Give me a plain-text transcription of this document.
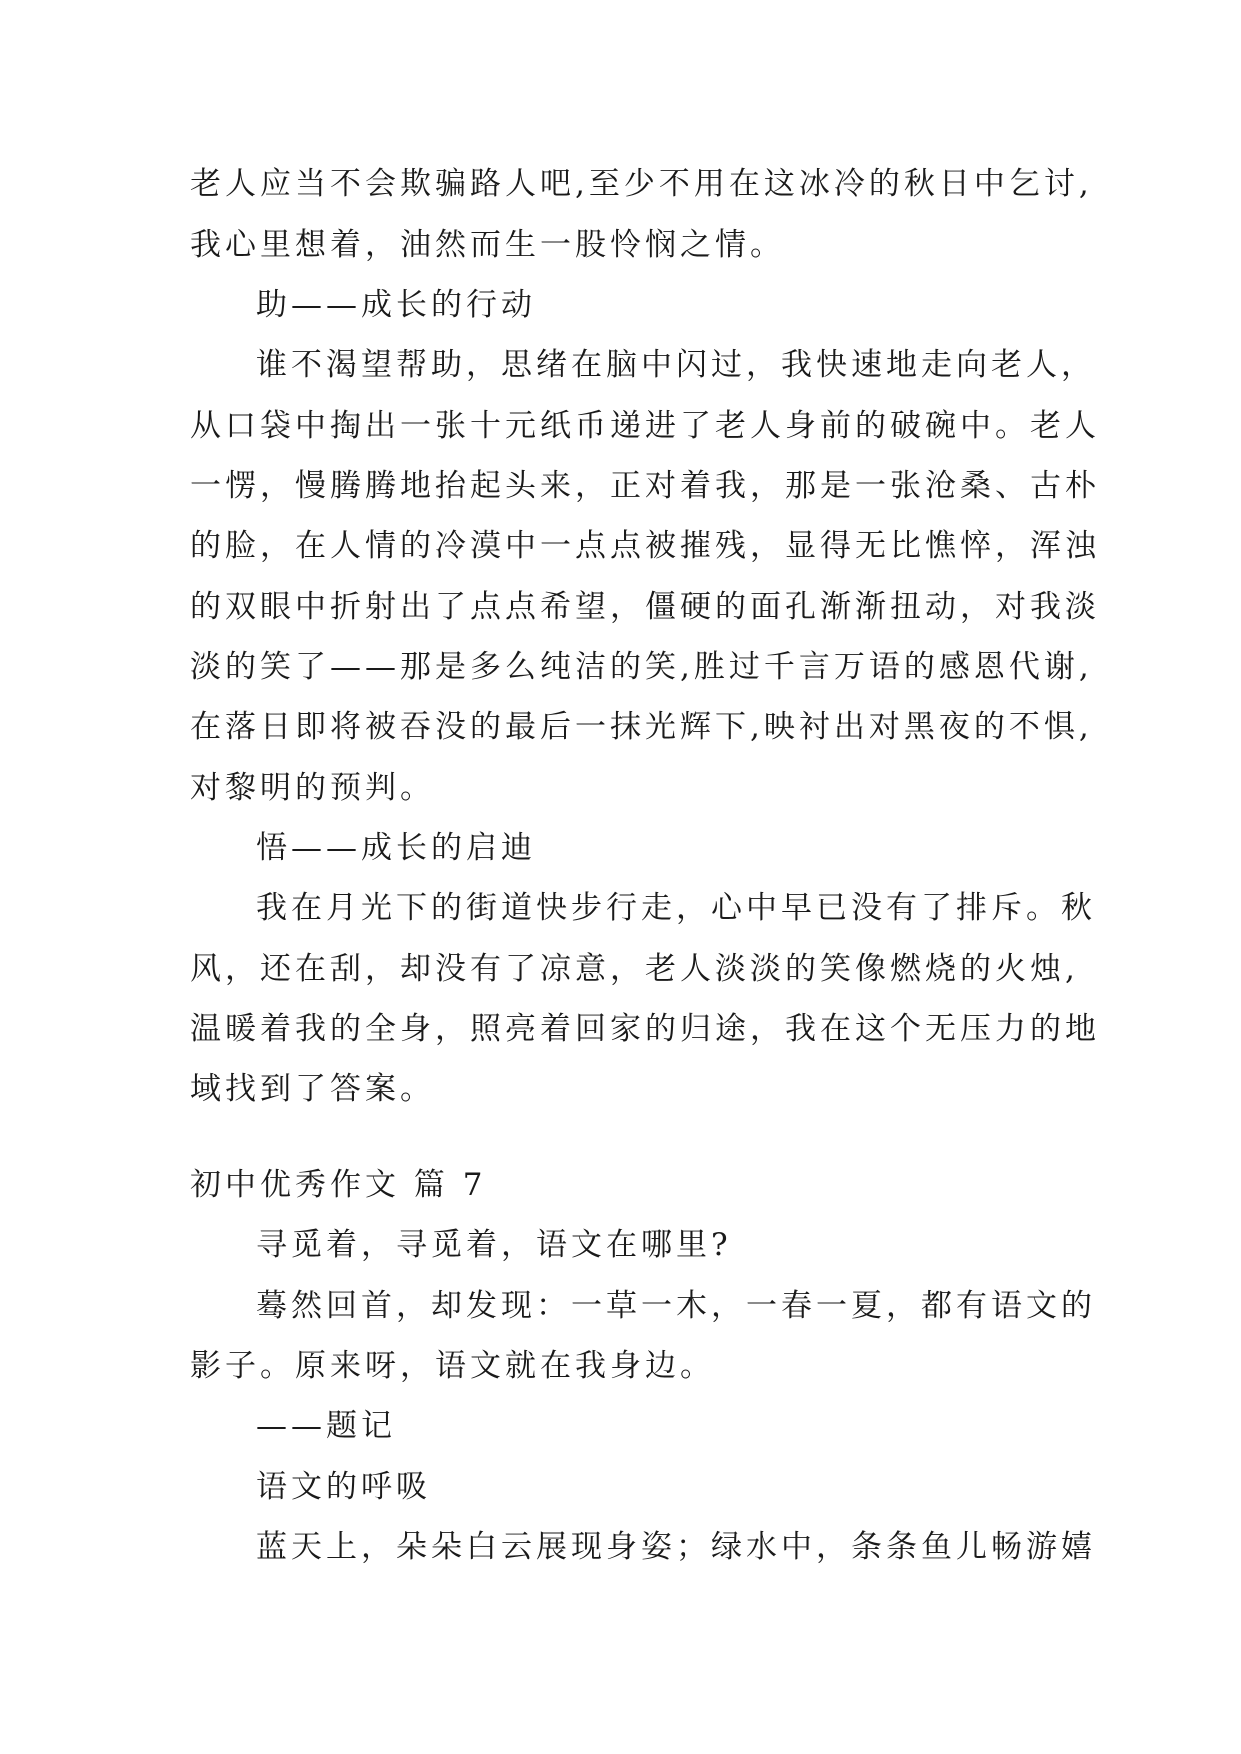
老人应当不会欺骗路人吧,至少不用在这冰冷的秋日中乞讨,
我心里想着，油然而生一股怜悯之情。
助——成长的行动
谁不渴望帮助，思绪在脑中闪过，我快速地走向老人，
从口袋中掏出一张十元纸币递进了老人身前的破碗中。老人
一愣，慢腾腾地抬起头来，正对着我，那是一张沧桑、古朴
的脸，在人情的冷漠中一点点被摧残，显得无比憔悴，浑浊
的双眼中折射出了点点希望，僵硬的面孔渐渐扭动，对我淡
淡的笑了——那是多么纯洁的笑,胜过千言万语的感恩代谢,
在落日即将被吞没的最后一抹光辉下,映衬出对黑夜的不惧,
对黎明的预判。
悟——成长的启迪
我在月光下的街道快步行走，心中早已没有了排斥。秋
风，还在刮，却没有了凉意，老人淡淡的笑像燃烧的火烛,
温暖着我的全身，照亮着回家的归途，我在这个无压力的地
域找到了答案。
初中优秀作文 篇 7
寻觅着，寻觅着，语文在哪里?
蓦然回首，却发现：一草一木，一春一夏，都有语文的
影子。原来呀，语文就在我身边。
——题记
语文的呼吸
蓝天上，朵朵白云展现身姿；绿水中，条条鱼儿畅游嬉
